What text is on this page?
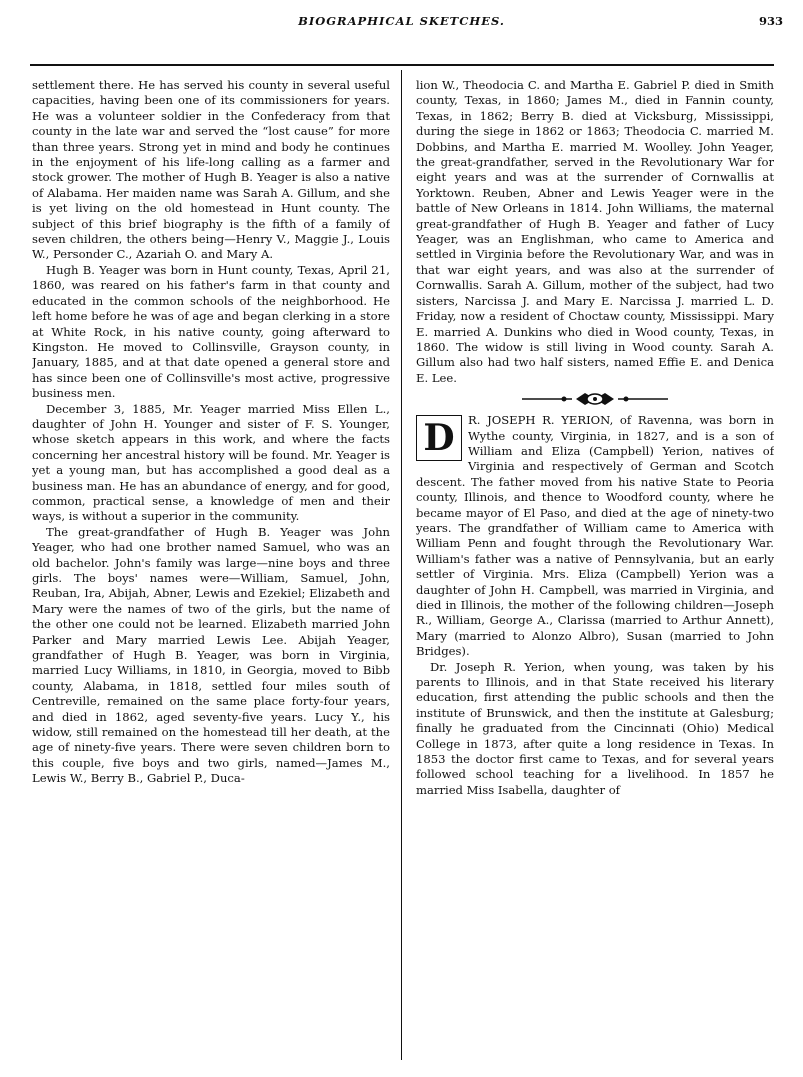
BIOGRAPHICAL SKETCHES.	933

settlement there. He has served his county in several useful capacities, having been one of its commissioners for years. He was a volunteer soldier in the Confederacy from that county in the late war and served the “lost cause” for more than three years. Strong yet in mind and body he continues in the enjoyment of his life-long calling as a farmer and stock grower. The mother of Hugh B. Yeager is also a native of Alabama. Her maiden name was Sarah A. Gillum, and she is yet living on the old homestead in Hunt county. The subject of this brief biography is the fifth of a family of seven children, the others being—Henry V., Maggie J., Louis W., Personder C., Azariah O. and Mary A.

Hugh B. Yeager was born in Hunt county, Texas, April 21, 1860, was reared on his father's farm in that county and educated in the common schools of the neighborhood. He left home before he was of age and began clerking in a store at White Rock, in his native county, going afterward to Kingston. He moved to Collinsville, Grayson county, in January, 1885, and at that date opened a general store and has since been one of Collinsville's most active, progressive business men.

December 3, 1885, Mr. Yeager married Miss Ellen L., daughter of John H. Younger and sister of F. S. Younger, whose sketch appears in this work, and where the facts concerning her ancestral history will be found. Mr. Yeager is yet a young man, but has accomplished a good deal as a business man. He has an abundance of energy, and for good, common, practical sense, a knowledge of men and their ways, is without a superior in the community.

The great-grandfather of Hugh B. Yeager was John Yeager, who had one brother named Samuel, who was an old bachelor. John's family was large—nine boys and three girls. The boys' names were—William, Samuel, John, Reuban, Ira, Abijah, Abner, Lewis and Ezekiel; Elizabeth and Mary were the names of two of the girls, but the name of the other one could not be learned. Elizabeth married John Parker and Mary married Lewis Lee. Abijah Yeager, grandfather of Hugh B. Yeager, was born in Virginia, married Lucy Williams, in 1810, in Georgia, moved to Bibb county, Alabama, in 1818, settled four miles south of Centreville, remained on the same place forty-four years, and died in 1862, aged seventy-five years. Lucy Y., his widow, still remained on the homestead till her death, at the age of ninety-five years. There were seven children born to this couple, five boys and two girls, named—James M., Lewis W., Berry B., Gabriel P., Duca-

lion W., Theodocia C. and Martha E. Gabriel P. died in Smith county, Texas, in 1860; James M., died in Fannin county, Texas, in 1862; Berry B. died at Vicksburg, Mississippi, during the siege in 1862 or 1863; Theodocia C. married M. Dobbins, and Martha E. married M. Woolley. John Yeager, the great-grandfather, served in the Revolutionary War for eight years and was at the surrender of Cornwallis at Yorktown. Reuben, Abner and Lewis Yeager were in the battle of New Orleans in 1814. John Williams, the maternal great-grandfather of Hugh B. Yeager and father of Lucy Yeager, was an Englishman, who came to America and settled in Virginia before the Revolutionary War, and was in that war eight years, and was also at the surrender of Cornwallis. Sarah A. Gillum, mother of the subject, had two sisters, Narcissa J. and Mary E. Narcissa J. married L. D. Friday, now a resident of Choctaw county, Mississippi. Mary E. married A. Dunkins who died in Wood county, Texas, in 1860. The widow is still living in Wood county. Sarah A. Gillum also had two half sisters, named Effie E. and Denica E. Lee.

D	R. JOSEPH R. YERION, of Ravenna, was born in Wythe county, Virginia, in 1827, and is a son of William and Eliza (Campbell) Yerion, natives of Virginia and respectively of German and Scotch descent. The father moved from his native State to Peoria county, Illinois, and thence to Woodford county, where he became mayor of El Paso, and died at the age of ninety-two years. The grandfather of William came to America with William Penn and fought through the Revolutionary War. William's father was a native of Pennsylvania, but an early settler of Virginia. Mrs. Eliza (Campbell) Yerion was a daughter of John H. Campbell, was married in Virginia, and died in Illinois, the mother of the following children—Joseph R., William, George A., Clarissa (married to Arthur Annett), Mary (married to Alonzo Albro), Susan (married to John Bridges).

Dr. Joseph R. Yerion, when young, was taken by his parents to Illinois, and in that State received his literary education, first attending the public schools and then the institute of Brunswick, and then the institute at Galesburg; finally he graduated from the Cincinnati (Ohio) Medical College in 1873, after quite a long residence in Texas. In 1853 the doctor first came to Texas, and for several years followed school teaching for a livelihood. In 1857 he married Miss Isabella, daughter of
